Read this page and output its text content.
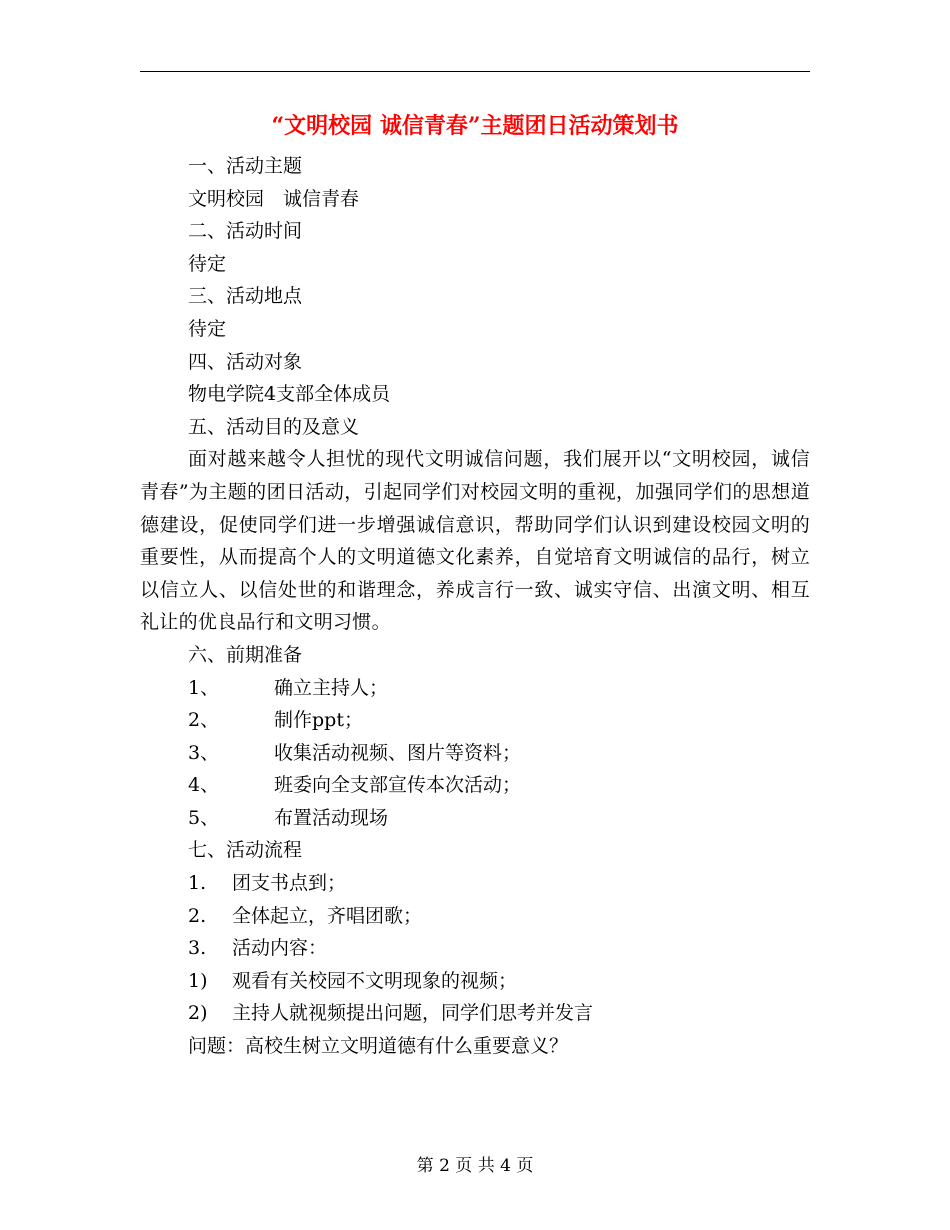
“文明校园 诚信青春”主题团日活动策划书
一、活动主题
文明校园　诚信青春
二、活动时间
待定
三、活动地点
待定
四、活动对象
物电学院4支部全体成员
五、活动目的及意义
面对越来越令人担忧的现代文明诚信问题，我们展开以“文明校园，诚信青春”为主题的团日活动，引起同学们对校园文明的重视，加强同学们的思想道德建设，促使同学们进一步增强诚信意识，帮助同学们认识到建设校园文明的重要性，从而提高个人的文明道德文化素养，自觉培育文明诚信的品行，树立以信立人、以信处世的和谐理念，养成言行一致、诚实守信、出演文明、相互礼让的优良品行和文明习惯。
六、前期准备
1、	确立主持人；
2、	制作ppt；
3、	收集活动视频、图片等资料；
4、	班委向全支部宣传本次活动；
5、	布置活动现场
七、活动流程
1. 团支书点到；
2. 全体起立，齐唱团歌；
3. 活动内容：
1) 观看有关校园不文明现象的视频；
2) 主持人就视频提出问题，同学们思考并发言
问题：高校生树立文明道德有什么重要意义？
第 2 页 共 4 页
